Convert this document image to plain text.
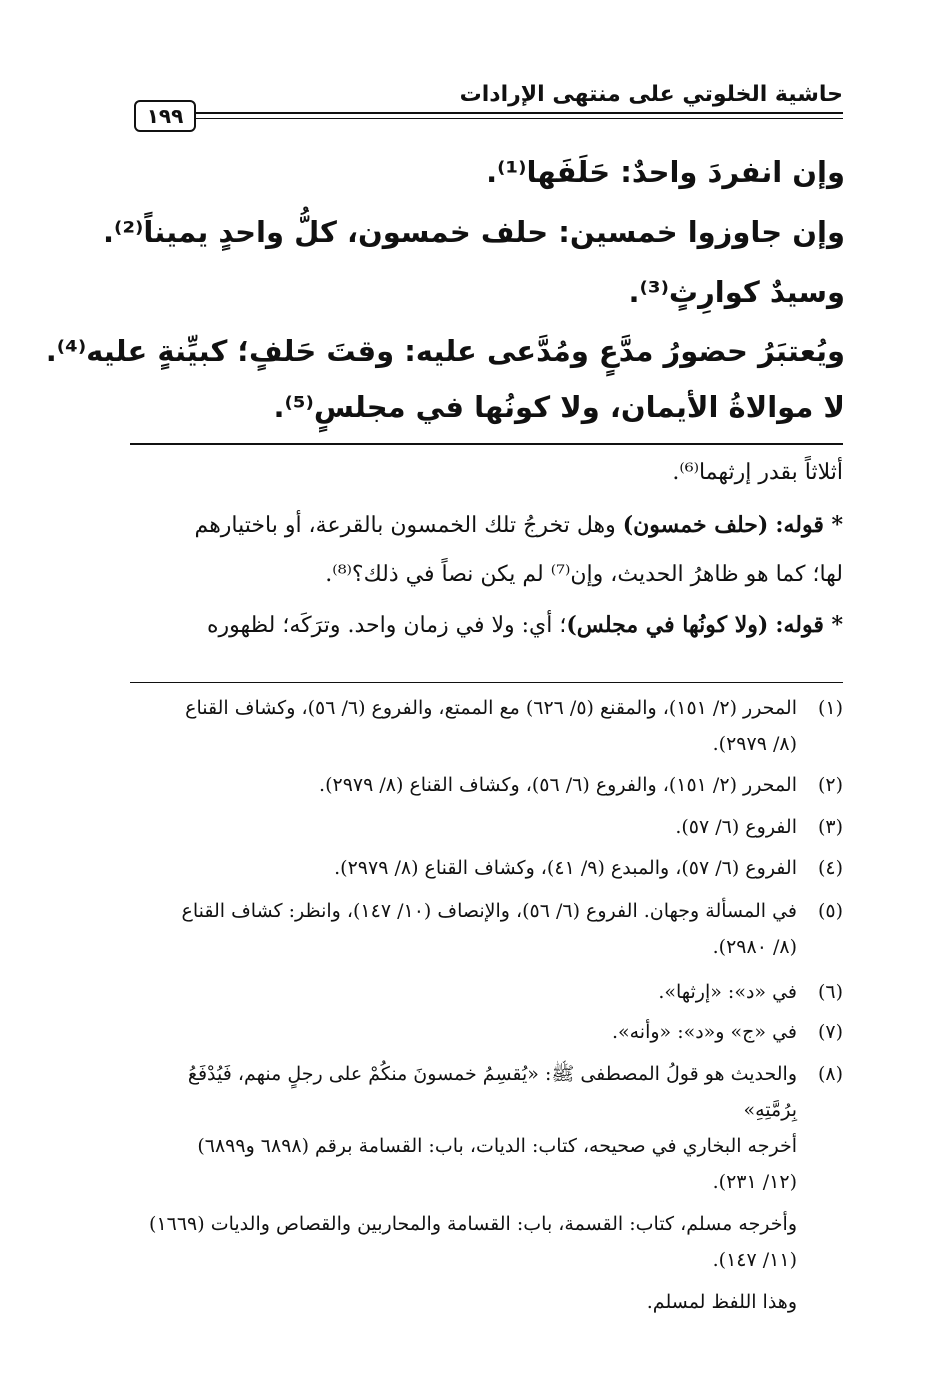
حاشية الخلوتي على منتهى الإرادات
١٩٩
وإن انفردَ واحدٌ: حَلَفَها⁽¹⁾.
وإن جاوزوا خمسين: حلف خمسون، كلُّ واحدٍ يميناً⁽²⁾.
وسيدٌ كوارِثٍ⁽³⁾.
ويُعتبَرُ حضورُ مدَّعٍ ومُدَّعى عليه: وقتَ حَلفٍ؛ كبيِّنةٍ عليه⁽⁴⁾.
لا موالاةُ الأيمان، ولا كونُها في مجلسٍ⁽⁵⁾.
أثلاثاً بقدر إرثهما⁽⁶⁾.
* قوله: (حلف خمسون) وهل تخرجُ تلك الخمسون بالقرعة، أو باختيارهم
لها؛ كما هو ظاهرُ الحديث، وإن⁽⁷⁾ لم يكن نصاً في ذلك؟⁽⁸⁾.
* قوله: (ولا كونُها في مجلس)؛ أي: ولا في زمان واحد. وترَكَه؛ لظهوره
(١)
المحرر (٢/ ١٥١)، والمقنع (٥/ ٦٢٦) مع الممتع، والفروع (٦/ ٥٦)، وكشاف القناع
(٨/ ٢٩٧٩).
(٢)
المحرر (٢/ ١٥١)، والفروع (٦/ ٥٦)، وكشاف القناع (٨/ ٢٩٧٩).
(٣)
الفروع (٦/ ٥٧).
(٤)
الفروع (٦/ ٥٧)، والمبدع (٩/ ٤١)، وكشاف القناع (٨/ ٢٩٧٩).
(٥)
في المسألة وجهان. الفروع (٦/ ٥٦)، والإنصاف (١٠/ ١٤٧)، وانظر: كشاف القناع
(٨/ ٢٩٨٠).
(٦)
في «د»: «إرثها».
(٧)
في «ج» و«د»: «وأنه».
(٨)
والحديث هو قولُ المصطفى ﷺ: «يُقسِمُ خمسونَ منكُمْ على رجلٍ منهم، فَيُدْفَعُ بِرُمَّتِهِ»
أخرجه البخاري في صحيحه، كتاب: الديات، باب: القسامة برقم (٦٨٩٨ و٦٨٩٩)
(١٢/ ٢٣١).
وأخرجه مسلم، كتاب: القسمة، باب: القسامة والمحاربين والقصاص والديات (١٦٦٩)
(١١/ ١٤٧).
وهذا اللفظ لمسلم.
